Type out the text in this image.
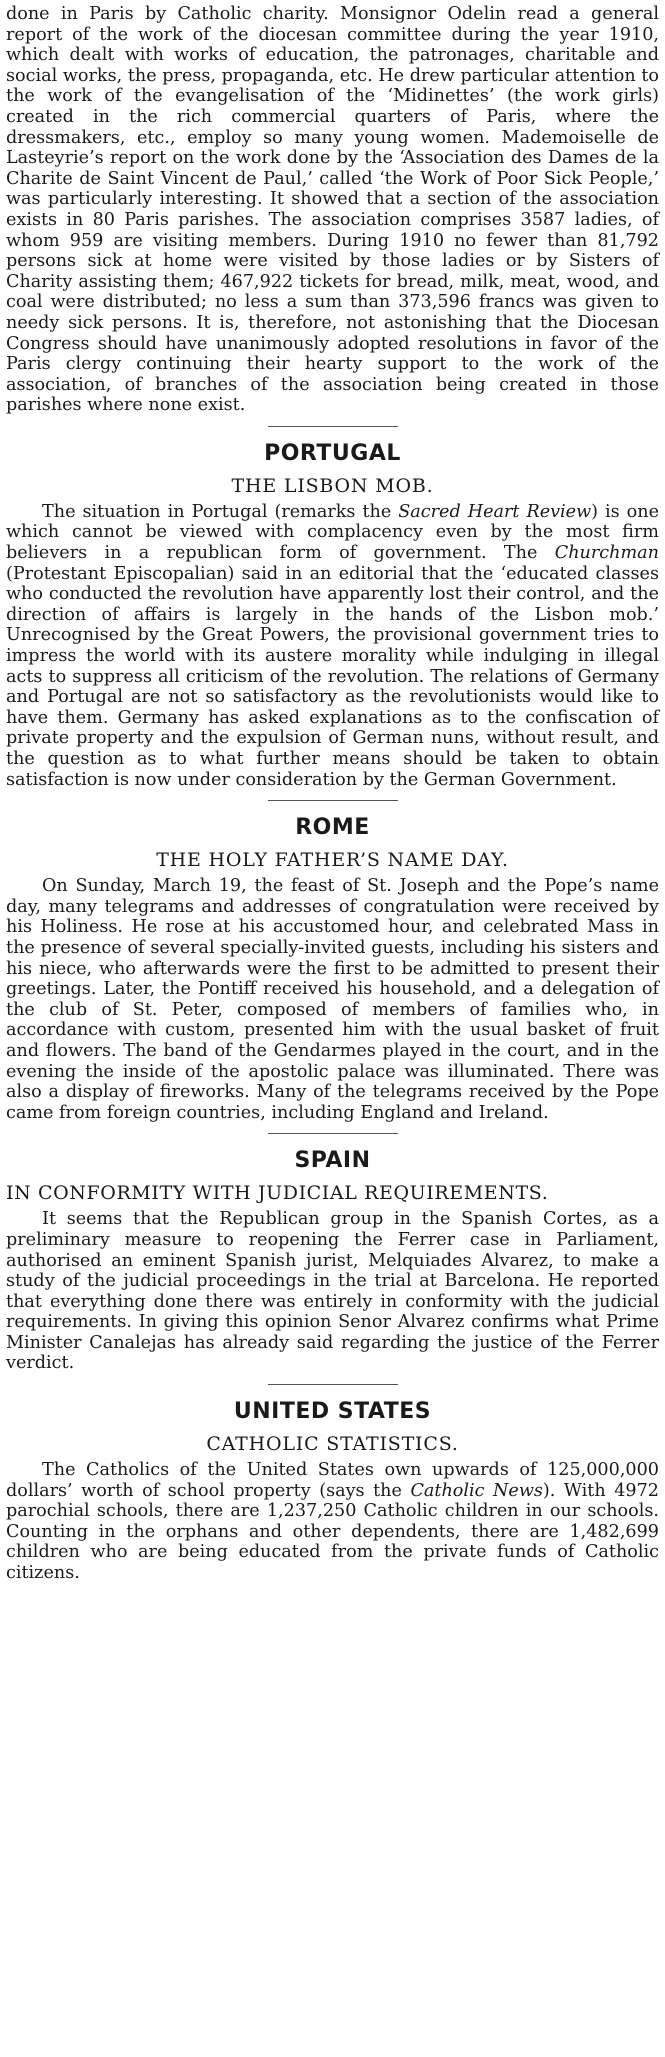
done in Paris by Catholic charity. Monsignor Odelin read a general report of the work of the diocesan committee during the year 1910, which dealt with works of education, the patronages, charitable and social works, the press, propaganda, etc. He drew particular attention to the work of the evangelisation of the ‘Midinettes’ (the work girls) created in the rich commercial quarters of Paris, where the dressmakers, etc., employ so many young women. Mademoiselle de Lasteyrie’s report on the work done by the ‘Association des Dames de la Charite de Saint Vincent de Paul,’ called ‘the Work of Poor Sick People,’ was particularly interesting. It showed that a section of the association exists in 80 Paris parishes. The association comprises 3587 ladies, of whom 959 are visiting members. During 1910 no fewer than 81,792 persons sick at home were visited by those ladies or by Sisters of Charity assisting them; 467,922 tickets for bread, milk, meat, wood, and coal were distributed; no less a sum than 373,596 francs was given to needy sick persons. It is, therefore, not astonishing that the Diocesan Congress should have unanimously adopted resolutions in favor of the Paris clergy continuing their hearty support to the work of the association, of branches of the association being created in those parishes where none exist.

PORTUGAL
THE LISBON MOB.

The situation in Portugal (remarks the Sacred Heart Review) is one which cannot be viewed with complacency even by the most firm believers in a republican form of government. The Churchman (Protestant Episcopalian) said in an editorial that the ‘educated classes who conducted the revolution have apparently lost their control, and the direction of affairs is largely in the hands of the Lisbon mob.’ Unrecognised by the Great Powers, the provisional government tries to impress the world with its austere morality while indulging in illegal acts to suppress all criticism of the revolution. The relations of Germany and Portugal are not so satisfactory as the revolutionists would like to have them. Germany has asked explanations as to the confiscation of private property and the expulsion of German nuns, without result, and the question as to what further means should be taken to obtain satisfaction is now under consideration by the German Government.

ROME
THE HOLY FATHER’S NAME DAY.

On Sunday, March 19, the feast of St. Joseph and the Pope’s name day, many telegrams and addresses of congratulation were received by his Holiness. He rose at his accustomed hour, and celebrated Mass in the presence of several specially-invited guests, including his sisters and his niece, who afterwards were the first to be admitted to present their greetings. Later, the Pontiff received his household, and a delegation of the club of St. Peter, composed of members of families who, in accordance with custom, presented him with the usual basket of fruit and flowers. The band of the Gendarmes played in the court, and in the evening the inside of the apostolic palace was illuminated. There was also a display of fireworks. Many of the telegrams received by the Pope came from foreign countries, including England and Ireland.

SPAIN
IN CONFORMITY WITH JUDICIAL REQUIREMENTS.

It seems that the Republican group in the Spanish Cortes, as a preliminary measure to reopening the Ferrer case in Parliament, authorised an eminent Spanish jurist, Melquiades Alvarez, to make a study of the judicial proceedings in the trial at Barcelona. He reported that everything done there was entirely in conformity with the judicial requirements. In giving this opinion Senor Alvarez confirms what Prime Minister Canalejas has already said regarding the justice of the Ferrer verdict.

UNITED STATES
CATHOLIC STATISTICS.

The Catholics of the United States own upwards of 125,000,000 dollars’ worth of school property (says the Catholic News). With 4972 parochial schools, there are 1,237,250 Catholic children in our schools. Counting in the orphans and other dependents, there are 1,482,699 children who are being educated from the private funds of Catholic citizens.
